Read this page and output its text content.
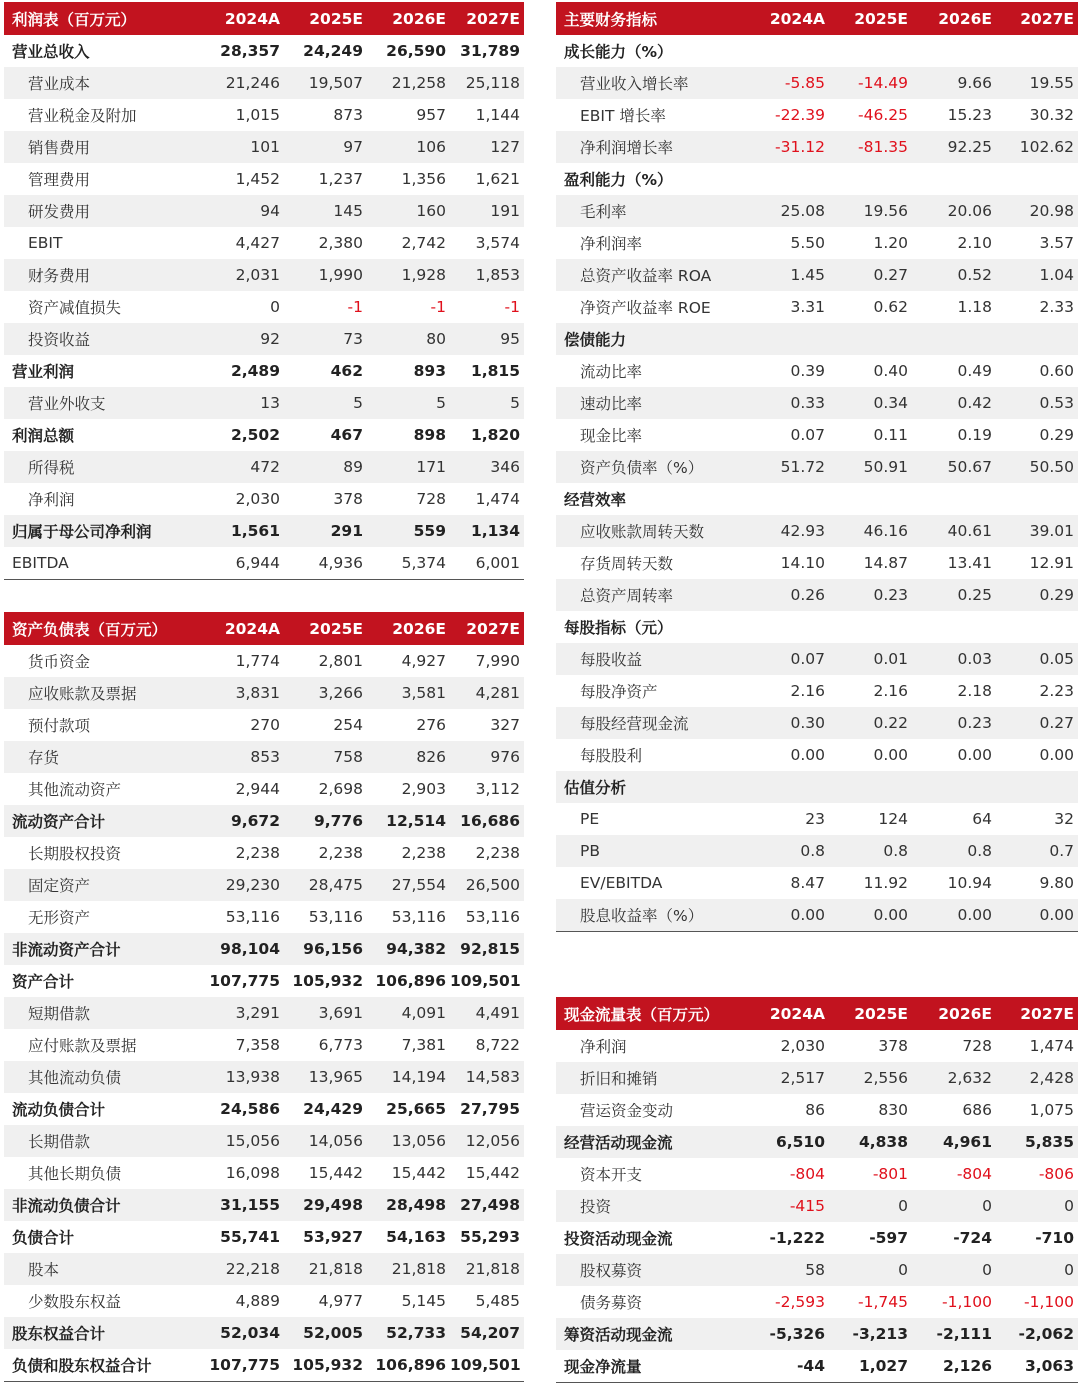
利润表（百万元）	2024A	2025E	2026E	2027E
营业总收入	28,357	24,249	26,590	31,789
营业成本	21,246	19,507	21,258	25,118
营业税金及附加	1,015	873	957	1,144
销售费用	101	97	106	127
管理费用	1,452	1,237	1,356	1,621
研发费用	94	145	160	191
EBIT	4,427	2,380	2,742	3,574
财务费用	2,031	1,990	1,928	1,853
资产减值损失	0	-1	-1	-1
投资收益	92	73	80	95
营业利润	2,489	462	893	1,815
营业外收支	13	5	5	5
利润总额	2,502	467	898	1,820
所得税	472	89	171	346
净利润	2,030	378	728	1,474
归属于母公司净利润	1,561	291	559	1,134
EBITDA	6,944	4,936	5,374	6,001
资产负债表（百万元）	2024A	2025E	2026E	2027E
货币资金	1,774	2,801	4,927	7,990
应收账款及票据	3,831	3,266	3,581	4,281
预付款项	270	254	276	327
存货	853	758	826	976
其他流动资产	2,944	2,698	2,903	3,112
流动资产合计	9,672	9,776	12,514	16,686
长期股权投资	2,238	2,238	2,238	2,238
固定资产	29,230	28,475	27,554	26,500
无形资产	53,116	53,116	53,116	53,116
非流动资产合计	98,104	96,156	94,382	92,815
资产合计	107,775	105,932	106,896	109,501
短期借款	3,291	3,691	4,091	4,491
应付账款及票据	7,358	6,773	7,381	8,722
其他流动负债	13,938	13,965	14,194	14,583
流动负债合计	24,586	24,429	25,665	27,795
长期借款	15,056	14,056	13,056	12,056
其他长期负债	16,098	15,442	15,442	15,442
非流动负债合计	31,155	29,498	28,498	27,498
负债合计	55,741	53,927	54,163	55,293
股本	22,218	21,818	21,818	21,818
少数股东权益	4,889	4,977	5,145	5,485
股东权益合计	52,034	52,005	52,733	54,207
负债和股东权益合计	107,775	105,932	106,896	109,501
主要财务指标	2024A	2025E	2026E	2027E
成长能力（%）				
营业收入增长率	-5.85	-14.49	9.66	19.55
EBIT 增长率	-22.39	-46.25	15.23	30.32
净利润增长率	-31.12	-81.35	92.25	102.62
盈利能力（%）				
毛利率	25.08	19.56	20.06	20.98
净利润率	5.50	1.20	2.10	3.57
总资产收益率 ROA	1.45	0.27	0.52	1.04
净资产收益率 ROE	3.31	0.62	1.18	2.33
偿债能力				
流动比率	0.39	0.40	0.49	0.60
速动比率	0.33	0.34	0.42	0.53
现金比率	0.07	0.11	0.19	0.29
资产负债率（%）	51.72	50.91	50.67	50.50
经营效率				
应收账款周转天数	42.93	46.16	40.61	39.01
存货周转天数	14.10	14.87	13.41	12.91
总资产周转率	0.26	0.23	0.25	0.29
每股指标（元）				
每股收益	0.07	0.01	0.03	0.05
每股净资产	2.16	2.16	2.18	2.23
每股经营现金流	0.30	0.22	0.23	0.27
每股股利	0.00	0.00	0.00	0.00
估值分析				
PE	23	124	64	32
PB	0.8	0.8	0.8	0.7
EV/EBITDA	8.47	11.92	10.94	9.80
股息收益率（%）	0.00	0.00	0.00	0.00
现金流量表（百万元）	2024A	2025E	2026E	2027E
净利润	2,030	378	728	1,474
折旧和摊销	2,517	2,556	2,632	2,428
营运资金变动	86	830	686	1,075
经营活动现金流	6,510	4,838	4,961	5,835
资本开支	-804	-801	-804	-806
投资	-415	0	0	0
投资活动现金流	-1,222	-597	-724	-710
股权募资	58	0	0	0
债务募资	-2,593	-1,745	-1,100	-1,100
筹资活动现金流	-5,326	-3,213	-2,111	-2,062
现金净流量	-44	1,027	2,126	3,063
